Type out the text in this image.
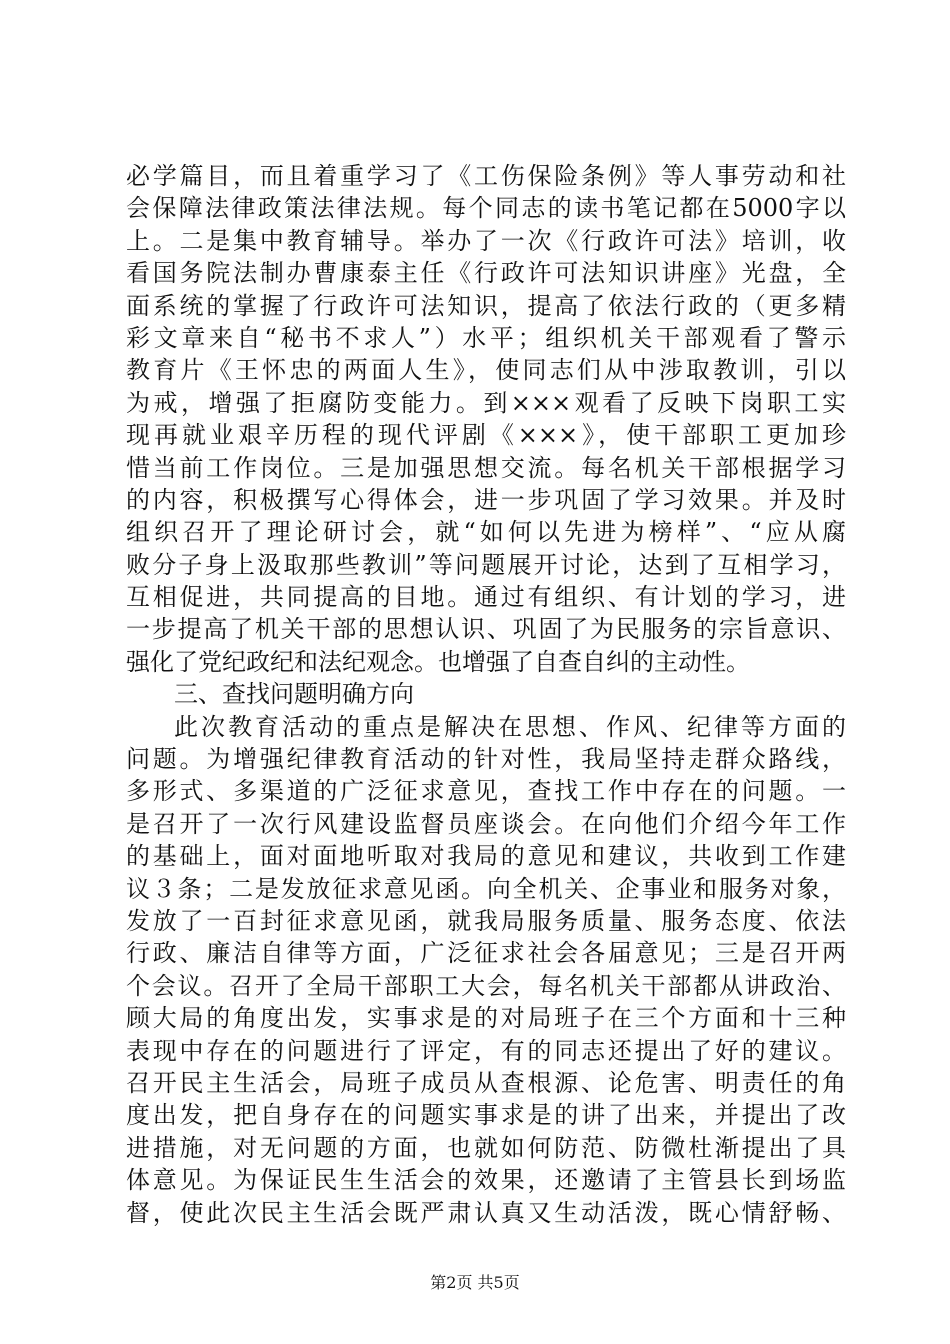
必学篇目，而且着重学习了《工伤保险条例》等人事劳动和社
会保障法律政策法律法规。每个同志的读书笔记都在5000字以
上。二是集中教育辅导。举办了一次《行政许可法》培训，收
看国务院法制办曹康泰主任《行政许可法知识讲座》光盘，全
面系统的掌握了行政许可法知识，提高了依法行政的（更多精
彩文章来自“秘书不求人”）水平；组织机关干部观看了警示
教育片《王怀忠的两面人生》，使同志们从中涉取教训，引以
为戒，增强了拒腐防变能力。到×××观看了反映下岗职工实
现再就业艰辛历程的现代评剧《×××》，使干部职工更加珍
惜当前工作岗位。三是加强思想交流。每名机关干部根据学习
的内容，积极撰写心得体会，进一步巩固了学习效果。并及时
组织召开了理论研讨会，就“如何以先进为榜样”、“应从腐
败分子身上汲取那些教训”等问题展开讨论，达到了互相学习，
互相促进，共同提高的目地。通过有组织、有计划的学习，进
一步提高了机关干部的思想认识、巩固了为民服务的宗旨意识、
强化了党纪政纪和法纪观念。也增强了自查自纠的主动性。
三、查找问题明确方向
此次教育活动的重点是解决在思想、作风、纪律等方面的
问题。为增强纪律教育活动的针对性，我局坚持走群众路线，
多形式、多渠道的广泛征求意见，查找工作中存在的问题。一
是召开了一次行风建设监督员座谈会。在向他们介绍今年工作
的基础上，面对面地听取对我局的意见和建议，共收到工作建
议３条；二是发放征求意见函。向全机关、企事业和服务对象，
发放了一百封征求意见函，就我局服务质量、服务态度、依法
行政、廉洁自律等方面，广泛征求社会各届意见；三是召开两
个会议。召开了全局干部职工大会，每名机关干部都从讲政治、
顾大局的角度出发，实事求是的对局班子在三个方面和十三种
表现中存在的问题进行了评定，有的同志还提出了好的建议。
召开民主生活会，局班子成员从查根源、论危害、明责任的角
度出发，把自身存在的问题实事求是的讲了出来，并提出了改
进措施，对无问题的方面，也就如何防范、防微杜渐提出了具
体意见。为保证民生生活会的效果，还邀请了主管县长到场监
督，使此次民主生活会既严肃认真又生动活泼，既心情舒畅、
第2页 共5页
